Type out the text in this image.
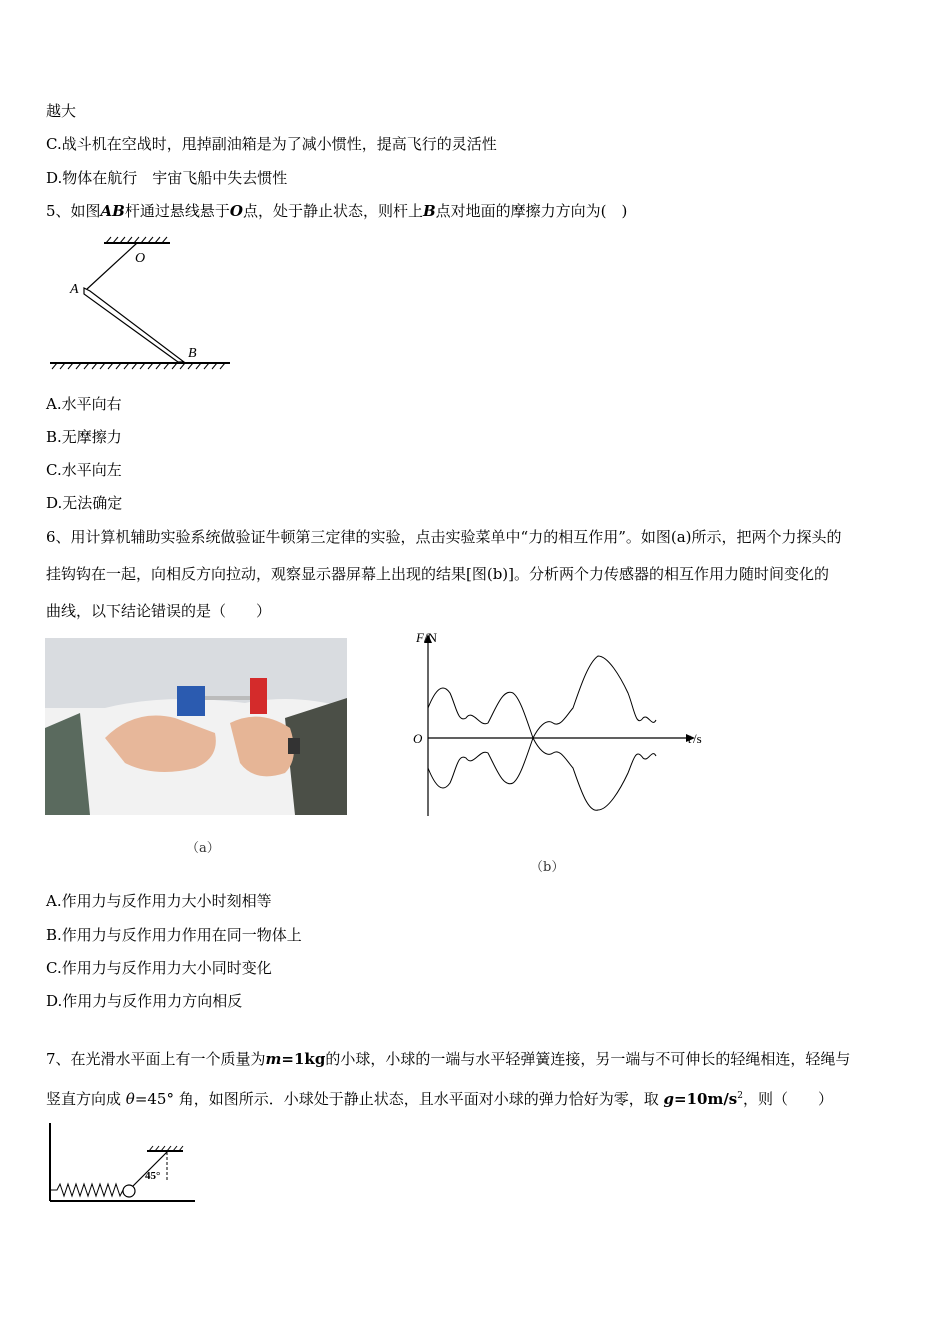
越大
C.战斗机在空战时，甩掉副油箱是为了减小惯性，提高飞行的灵活性
D.物体在航行　宇宙飞船中失去惯性
5、如图AB杆通过悬线悬于O点，处于静止状态，则杆上B点对地面的摩擦力方向为(　)
O
A
B
A.水平向右
B.无摩擦力
C.水平向左
D.无法确定
6、用计算机辅助实验系统做验证牛顿第三定律的实验，点击实验菜单中“力的相互作用”。如图(a)所示，把两个力探头的
挂钩钩在一起，向相反方向拉动，观察显示器屏幕上出现的结果[图(b)]。分析两个力传感器的相互作用力随时间变化的
曲线，以下结论错误的是（　　）
（a）
F /N
t /s
O
（b）
A.作用力与反作用力大小时刻相等
B.作用力与反作用力作用在同一物体上
C.作用力与反作用力大小同时变化
D.作用力与反作用力方向相反
7、在光滑水平面上有一个质量为m=1kg的小球，小球的一端与水平轻弹簧连接，另一端与不可伸长的轻绳相连，轻绳与
竖直方向成 θ=45° 角，如图所示．小球处于静止状态，且水平面对小球的弹力恰好为零，取 $g=10m/s^2$，则（　　）
45°
